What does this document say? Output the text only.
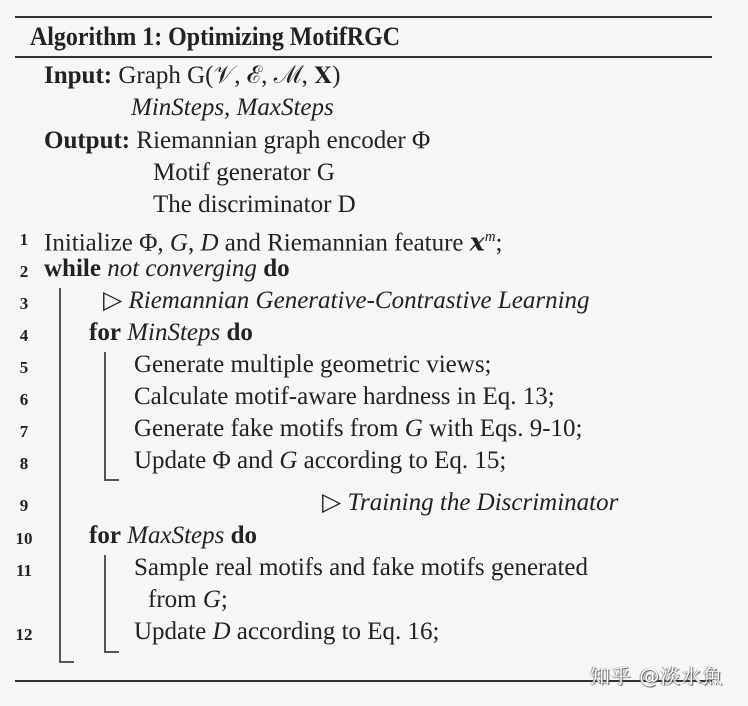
Algorithm 1: Optimizing MotifRGC
Input: Graph G(𝒱, ℰ, ℳ, 𝐗)
MinSteps, MaxSteps
Output: Riemannian graph encoder Φ
Motif generator G
The discriminator D
1 Initialize Φ, G, D and Riemannian feature 𝒙$^m$;
2 while not converging do
3	▷ Riemannian Generative-Contrastive Learning
4 for MinSteps do
5	Generate multiple geometric views;
6	Calculate motif-aware hardness in Eq. 13;
7	Generate fake motifs from G with Eqs. 9-10;
8	Update Φ and G according to Eq. 15;
9	▷ Training the Discriminator
10 for MaxSteps do
11	Sample real motifs and fake motifs generated
from G;
12	Update D according to Eq. 16;
知乎 @淡水魚
